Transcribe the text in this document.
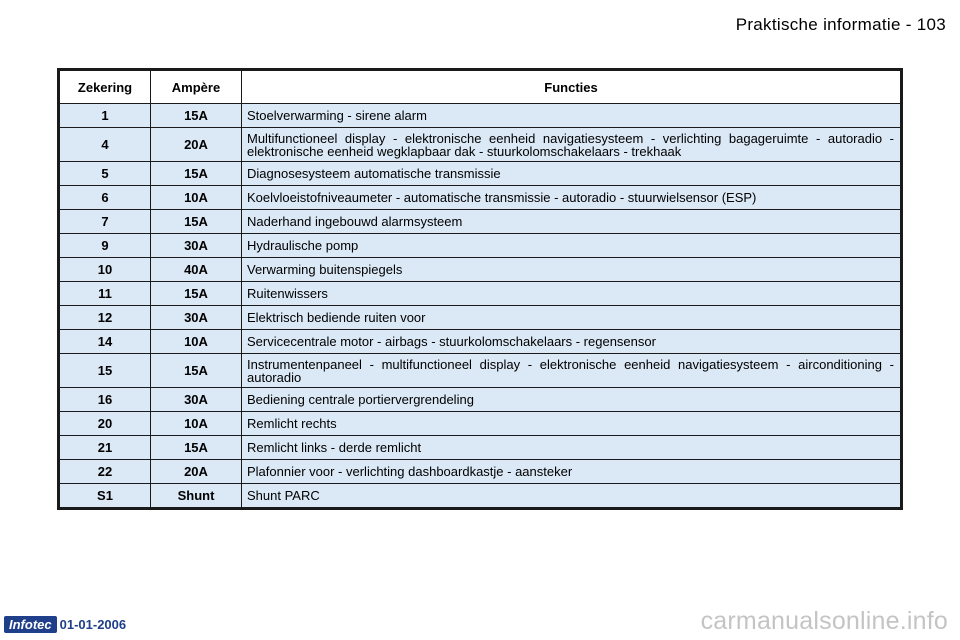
Praktische informatie - 103
Zekering	Ampère	Functies
1	15A	Stoelverwarming - sirene alarm
4	20A	Multifunctioneel display - elektronische eenheid navigatiesysteem - verlichting bagageruimte - autoradio - elektronische eenheid wegklapbaar dak - stuurkolomschakelaars - trekhaak
5	15A	Diagnosesysteem automatische transmissie
6	10A	Koelvloeistofniveaumeter - automatische transmissie - autoradio - stuurwielsensor (ESP)
7	15A	Naderhand ingebouwd alarmsysteem
9	30A	Hydraulische pomp
10	40A	Verwarming buitenspiegels
11	15A	Ruitenwissers
12	30A	Elektrisch bediende ruiten voor
14	10A	Servicecentrale motor - airbags - stuurkolomschakelaars - regensensor
15	15A	Instrumentenpaneel - multifunctioneel display - elektronische eenheid navigatiesysteem - airconditioning - autoradio
16	30A	Bediening centrale portiervergrendeling
20	10A	Remlicht rechts
21	15A	Remlicht links - derde remlicht
22	20A	Plafonnier voor - verlichting dashboardkastje - aansteker
S1	Shunt	Shunt PARC
Infotec 01-01-2006	carmanualsonline.info
